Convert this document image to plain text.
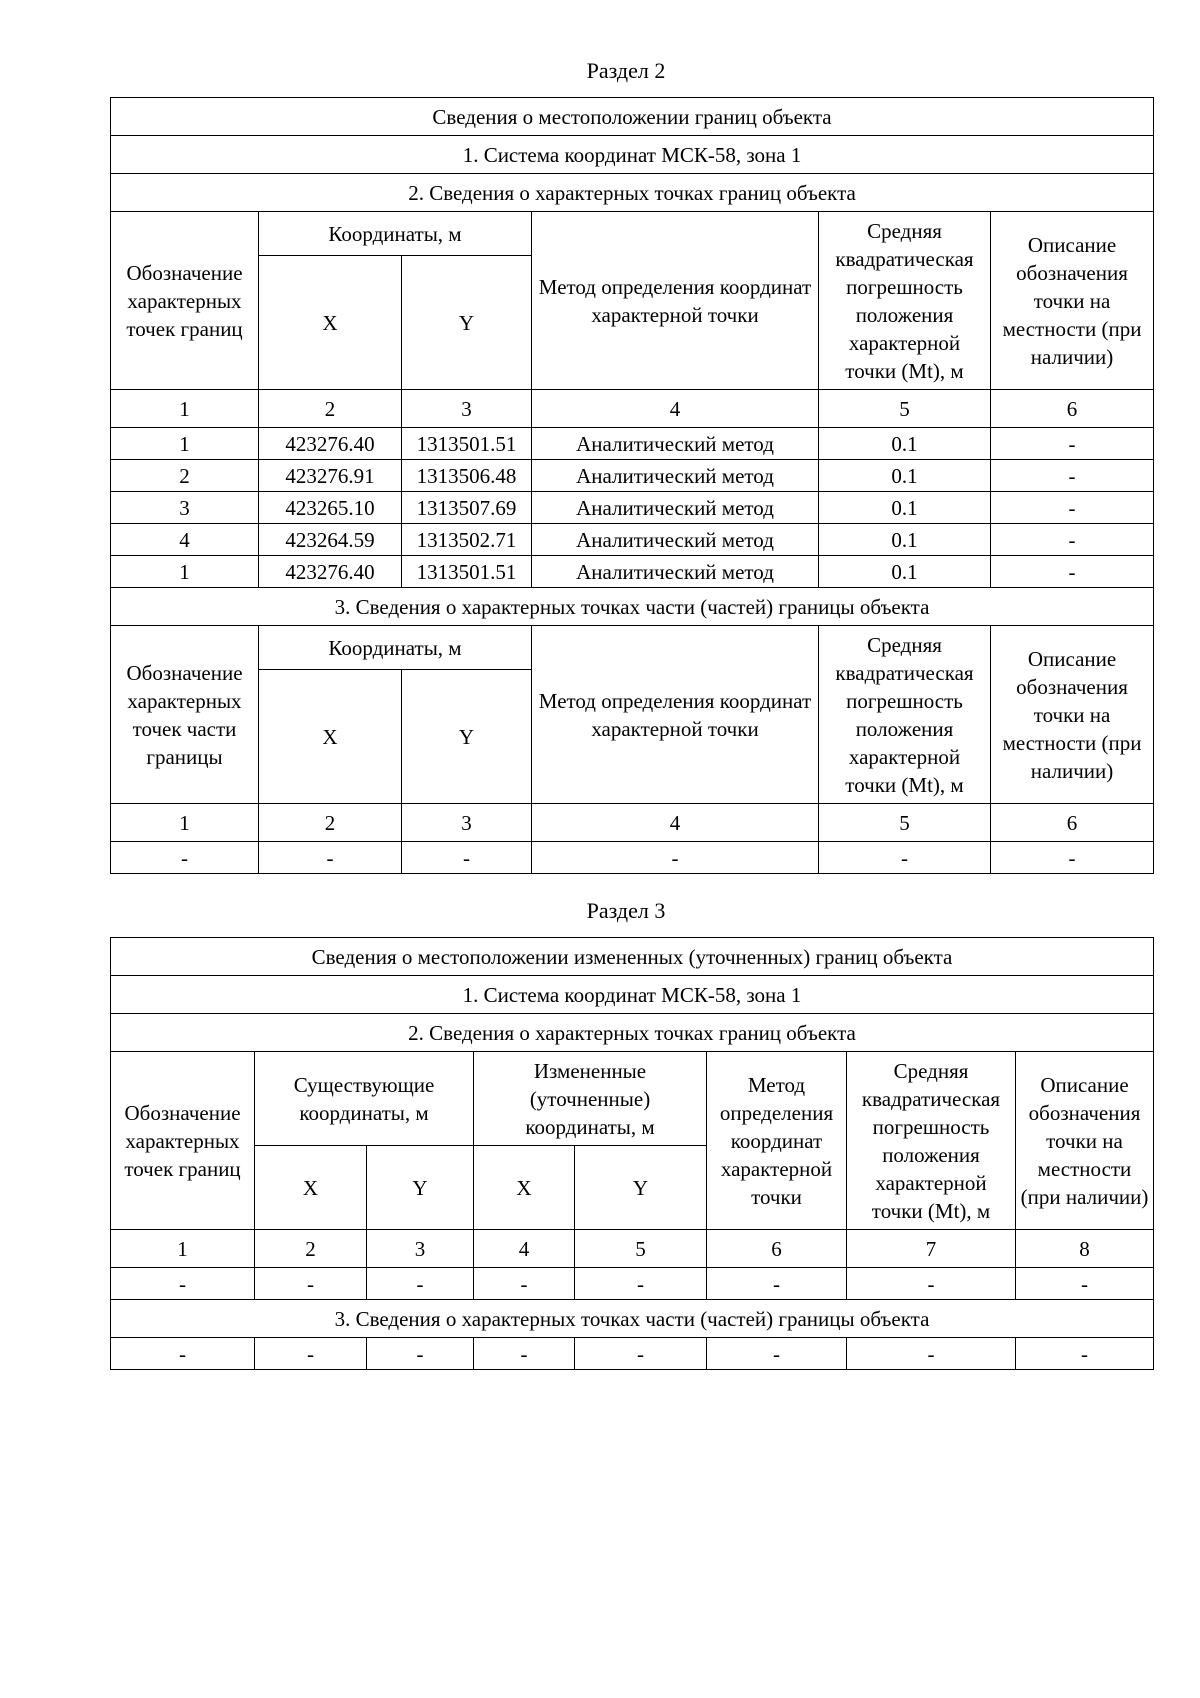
Раздел 2
Сведения о местоположении границ объекта					
1. Система координат МСК-58, зона 1					
2. Сведения о характерных точках границ объекта					
Обозначение характерных точек границ	Координаты, м		Метод определения координат характерной точки	Средняя квадратическая погрешность положения характерной точки (Mt), м	Описание обозначения точки на местности (при наличии)
	X	Y			
1	2	3	4	5	6
1	423276.40	1313501.51	Аналитический метод	0.1	-
2	423276.91	1313506.48	Аналитический метод	0.1	-
3	423265.10	1313507.69	Аналитический метод	0.1	-
4	423264.59	1313502.71	Аналитический метод	0.1	-
1	423276.40	1313501.51	Аналитический метод	0.1	-
3. Сведения о характерных точках части (частей) границы объекта					
Обозначение характерных точек части границы	Координаты, м		Метод определения координат характерной точки	Средняя квадратическая погрешность положения характерной точки (Mt), м	Описание обозначения точки на местности (при наличии)
	X	Y			
1	2	3	4	5	6
-	-	-	-	-	-
Раздел 3
Сведения о местоположении измененных (уточненных) границ объекта							
1. Система координат МСК-58, зона 1							
2. Сведения о характерных точках границ объекта							
Обозначение характерных точек границ	Существующие координаты, м		Измененные (уточненные) координаты, м		Метод определения координат характерной точки	Средняя квадратическая погрешность положения характерной точки (Mt), м	Описание обозначения точки на местности (при наличии)
	X	Y	X	Y			
1	2	3	4	5	6	7	8
-	-	-	-	-	-	-	-
3. Сведения о характерных точках части (частей) границы объекта							
-	-	-	-	-	-	-	-
